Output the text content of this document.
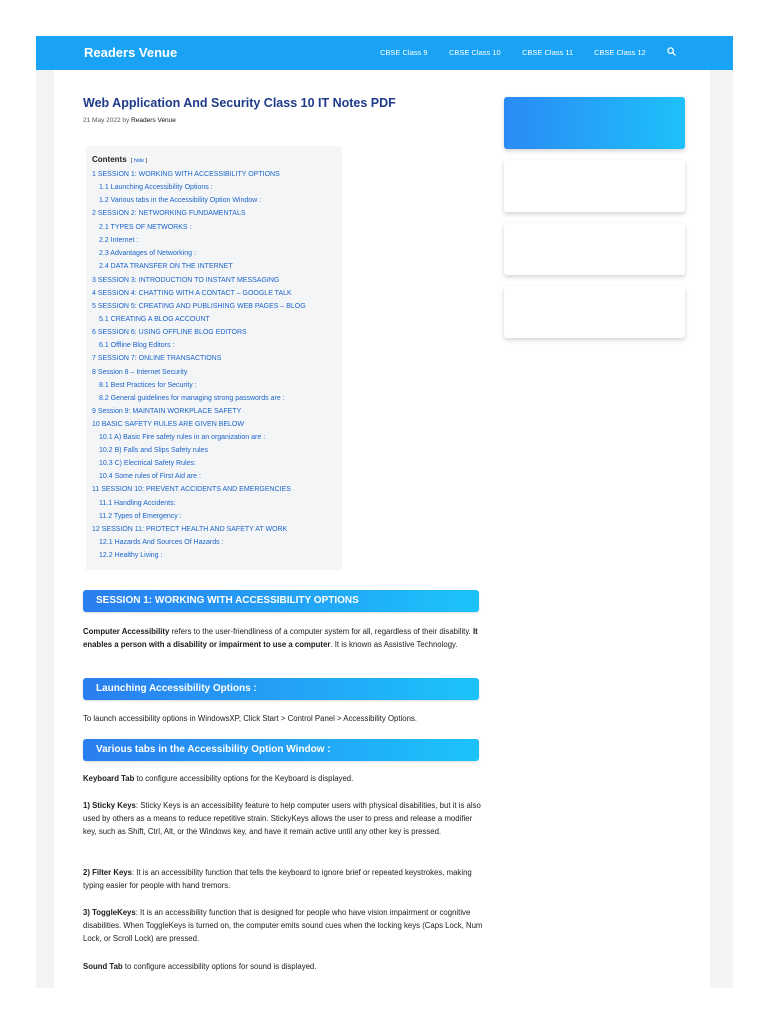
Readers Venue	CBSE Class 9	CBSE Class 10	CBSE Class 11	CBSE Class 12
Web Application And Security Class 10 IT Notes PDF
21 May 2022 by Readers Venue
Contents [ hide ]
1 SESSION 1: WORKING WITH ACCESSIBILITY OPTIONS
1.1 Launching Accessibility Options :
1.2 Various tabs in the Accessibility Option Window :
2 SESSION 2: NETWORKING FUNDAMENTALS
2.1 TYPES OF NETWORKS :
2.2 Internet :
2.3 Advantages of Networking :
2.4 DATA TRANSFER ON THE INTERNET
3 SESSION 3: INTRODUCTION TO INSTANT MESSAGING
4 SESSION 4: CHATTING WITH A CONTACT – GOOGLE TALK
5 SESSION 5: CREATING AND PUBLISHING WEB PAGES – BLOG
5.1 CREATING A BLOG ACCOUNT
6 SESSION 6: USING OFFLINE BLOG EDITORS
6.1 Offline Blog Editors :
7 SESSION 7: ONLINE TRANSACTIONS
8 Session 8 – Internet Security
8.1 Best Practices for Security :
8.2 General guidelines for managing strong passwords are :
9 Session 9: MAINTAIN WORKPLACE SAFETY
10 BASIC SAFETY RULES ARE GIVEN BELOW
10.1 A) Basic Fire safety rules in an organization are :
10.2 B) Falls and Slips Safety rules
10.3 C) Electrical Safety Rules:
10.4 Some rules of First Aid are :
11 SESSION 10: PREVENT ACCIDENTS AND EMERGENCIES
11.1 Handling Accidents:
11.2 Types of Emergency :
12 SESSION 11: PROTECT HEALTH AND SAFETY AT WORK
12.1 Hazards And Sources Of Hazards :
12.2 Healthy Living :
SESSION 1: WORKING WITH ACCESSIBILITY OPTIONS
Computer Accessibility refers to the user-friendliness of a computer system for all, regardless of their disability. It enables a person with a disability or impairment to use a computer. It is known as Assistive Technology.
Launching Accessibility Options :
To launch accessibility options in WindowsXP, Click Start > Control Panel > Accessibility Options.
Various tabs in the Accessibility Option Window :
Keyboard Tab to configure accessibility options for the Keyboard is displayed.
1) Sticky Keys: Sticky Keys is an accessibility feature to help computer users with physical disabilities, but it is also used by others as a means to reduce repetitive strain. StickyKeys allows the user to press and release a modifier key, such as Shift, Ctrl, Alt, or the Windows key, and have it remain active until any other key is pressed.
2) Filter Keys: It is an accessibility function that tells the keyboard to ignore brief or repeated keystrokes, making typing easier for people with hand tremors.
3) ToggleKeys: It is an accessibility function that is designed for people who have vision impairment or cognitive disabilities. When ToggleKeys is turned on, the computer emits sound cues when the locking keys (Caps Lock, Num Lock, or Scroll Lock) are pressed.
Sound Tab to configure accessibility options for sound is displayed.
